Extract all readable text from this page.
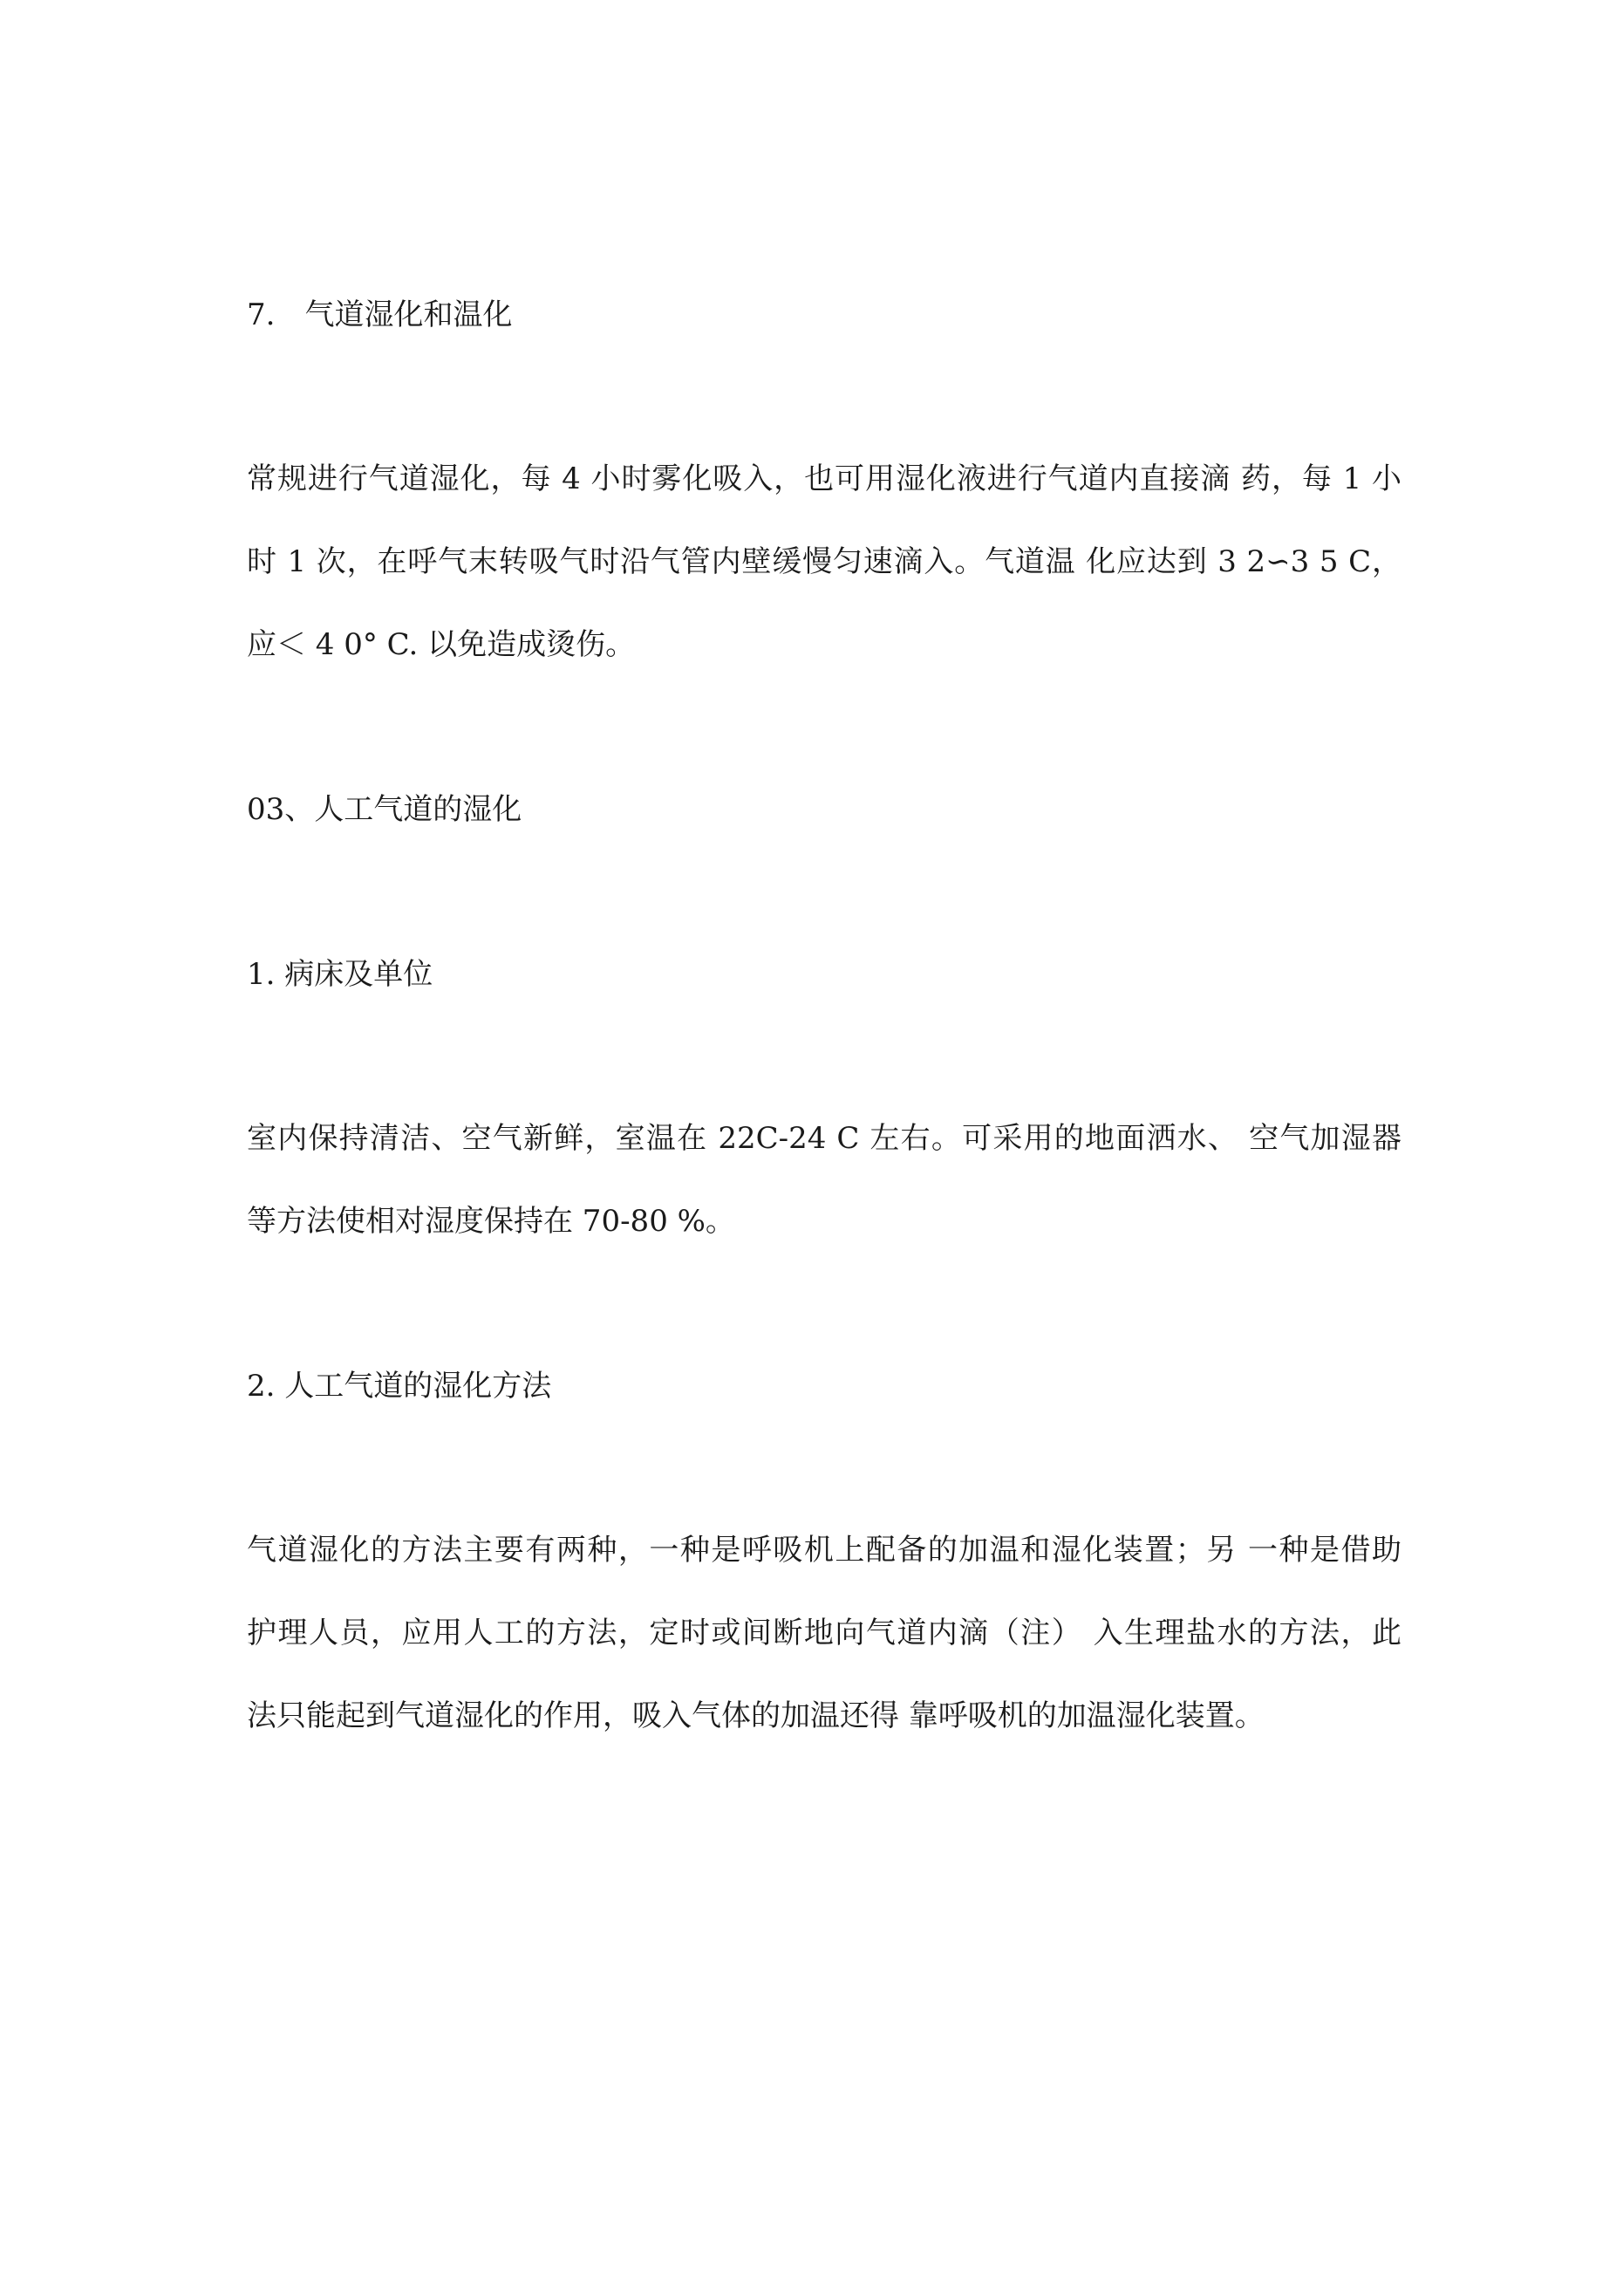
7.　气道湿化和温化

常规进行气道湿化，每 4 小时雾化吸入，也可用湿化液进行气道内直接滴 药，每 1 小

时 1 次，在呼气末转吸气时沿气管内壁缓慢匀速滴入。气道温 化应达到 3 2∽3 5 C，

应＜ 4 0° C. 以免造成烫伤。

03、人工气道的湿化

1. 病床及单位

室内保持清洁、空气新鲜，室温在 22C-24 C 左右。可采用的地面洒水、 空气加湿器

等方法使相对湿度保持在 70-80 %。

2. 人工气道的湿化方法

气道湿化的方法主要有两种，一种是呼吸机上配备的加温和湿化装置；另 一种是借助

护理人员，应用人工的方法，定时或间断地向气道内滴（注） 入生理盐水的方法，此

法只能起到气道湿化的作用，吸入气体的加温还得 靠呼吸机的加温湿化装置。
